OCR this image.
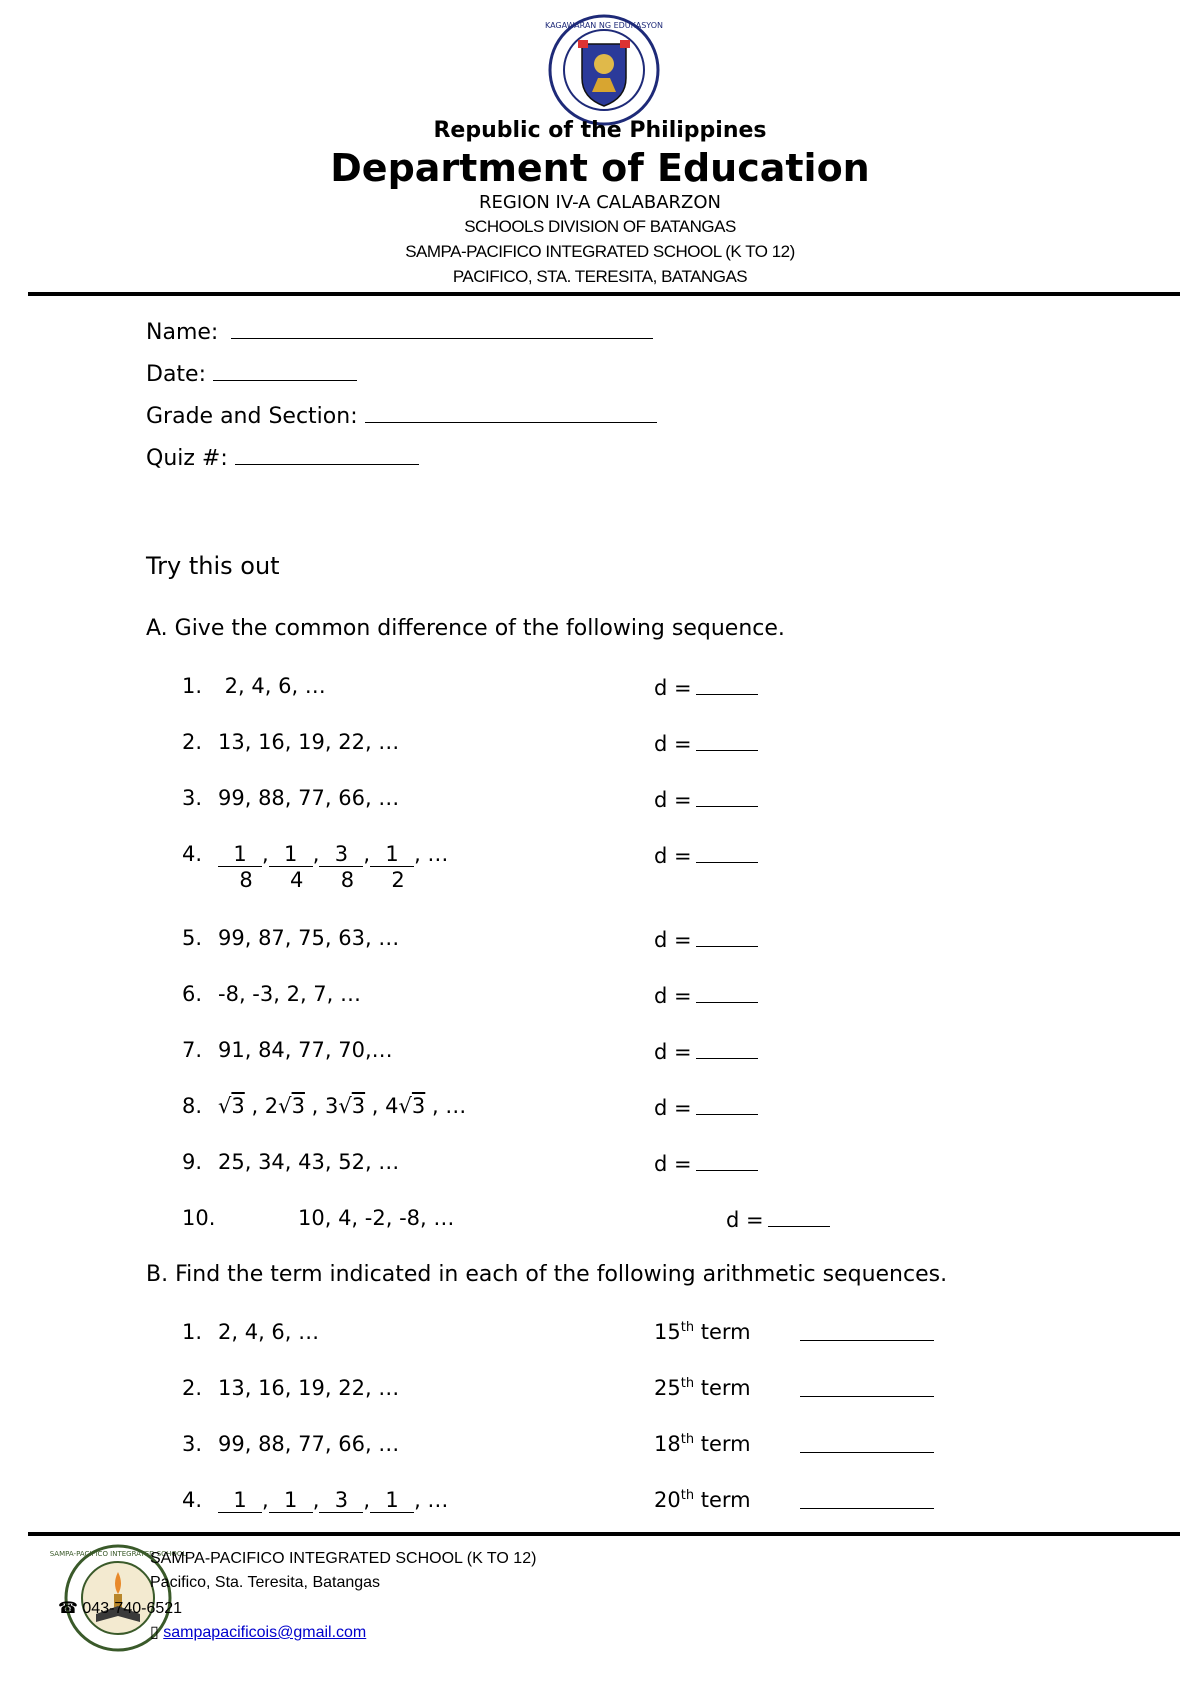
KAGAWARAN NG EDUKASYON
Republic of the Philippines
Department of Education
REGION IV-A CALABARZON
SCHOOLS DIVISION OF BATANGAS
SAMPA-PACIFICO INTEGRATED SCHOOL (K TO 12)
PACIFICO, STA. TERESITA, BATANGAS
Name:
Date:
Grade and Section:
Quiz #:
Try this out
A. Give the common difference of the following sequence.
1. 2, 4, 6, …	d =
2. 13, 16, 19, 22, …	d =
3. 99, 88, 77, 66, …	d =
4. $\frac{1}{8}$ , $\frac{1}{4}$ , $\frac{3}{8}$ , $\frac{1}{2}$ , …	d =
5. 99, 87, 75, 63, …	d =
6. -8, -3, 2, 7, …	d =
7. 91, 84, 77, 70,…	d =
8. √3 , 2√3 , 3√3 , 4√3 , …	d =
9. 25, 34, 43, 52, …	d =
10.	10, 4, -2, -8, …	d =
B. Find the term indicated in each of the following arithmetic sequences.
1. 2, 4, 6, …	15th term
2. 13, 16, 19, 22, …	25th term
3. 99, 88, 77, 66, …	18th term
4.	1 , 1 , 3 , 1 , …	20th term
SAMPA-PACIFICO INTEGRATED SCHOOL
SAMPA-PACIFICO INTEGRATED SCHOOL (K TO 12)
Pacifico, Sta. Teresita, Batangas
☎ 043-740-6521
▯ sampapacificois@gmail.com
